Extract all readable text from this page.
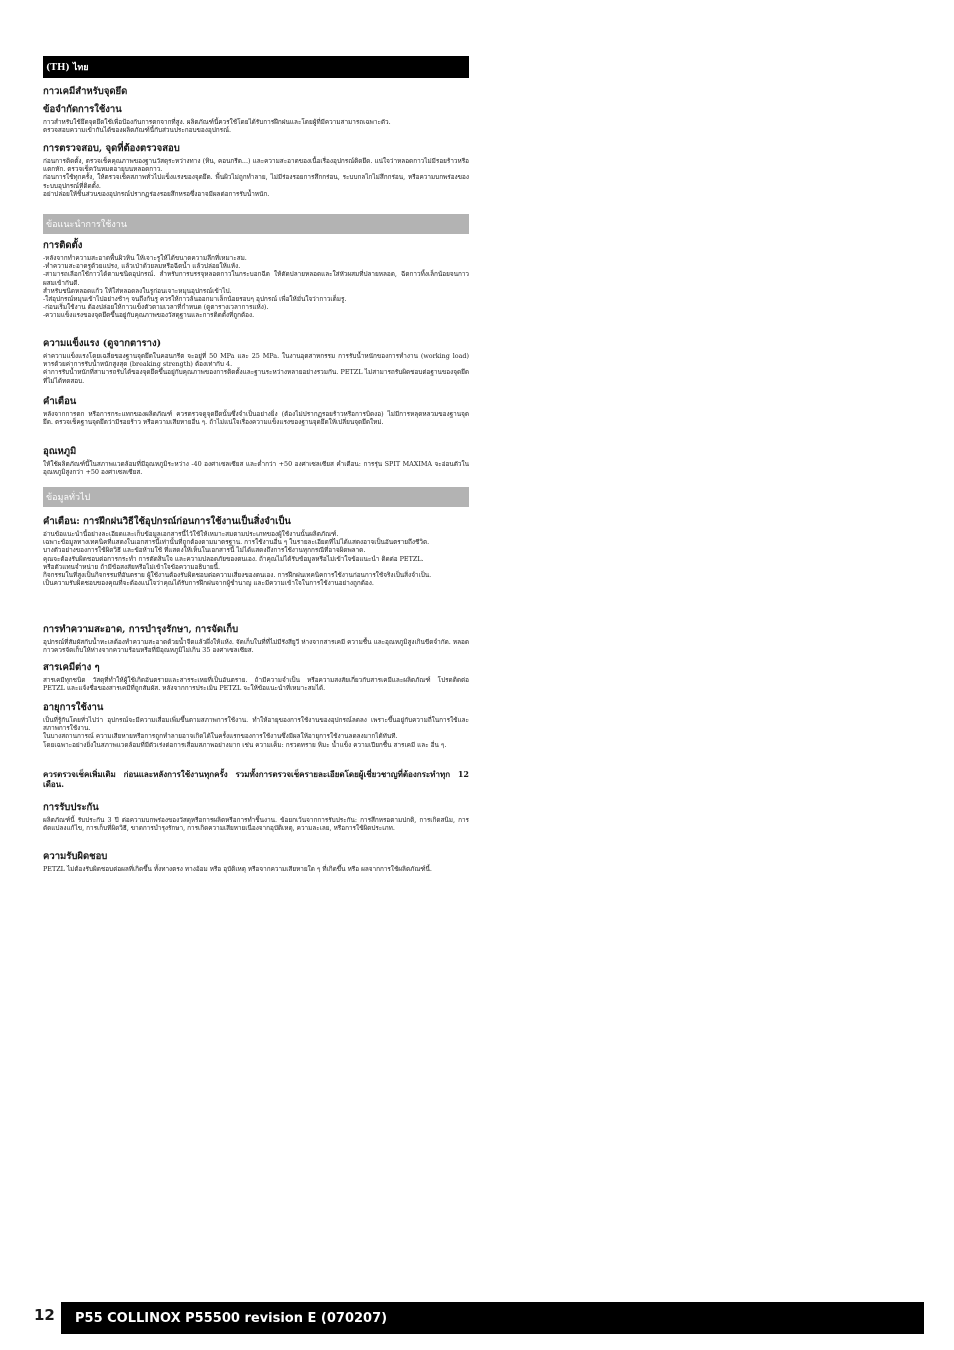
(TH) ไทย
กาวเคมีสำหรับจุดยึด
ข้อจำกัดการใช้งาน

กาวสำหรับใช้ยึดจุดยึดใช้เพื่อป้องกันการตกจากที่สูง. ผลิตภัณฑ์นี้ควรใช้โดยได้รับการฝึกฝนและโดยผู้ที่มีความสามารถเฉพาะตัว.
ตรวจสอบความเข้ากันได้ของผลิตภัณฑ์นี้กับส่วนประกอบของอุปกรณ์.

การตรวจสอบ, จุดที่ต้องตรวจสอบ

ก่อนการติดตั้ง, ตรวจเช็คคุณภาพของฐานวัสดุระหว่างทาง (หิน, คอนกรีต...) และความสะอาดของเนื้อเรื่องอุปกรณ์ติดยึด. แน่ใจว่าหลอดกาวไม่มีรอยร้าวหรือแตกหัก. ตรวจเช็ควันหมดอายุบนหลอดกาว.
ก่อนการใช้ทุกครั้ง, ให้ตรวจเช็คสภาพทั่วไปแข็งแรงของจุดยึด. พื้นผิวไม่ถูกทำลาย, ไม่มีร่องรอยการสึกกร่อน, ระบบกลไกไม่สึกกร่อน, หรือความบกพร่องของระบบอุปกรณ์ที่ติดตั้ง.
อย่าปล่อยให้ชิ้นส่วนของอุปกรณ์ปรากฏร่องรอยสึกหรอซึ่งอาจมีผลต่อการรับน้ำหนัก.

ข้อแนะนำการใช้งาน
การติดตั้ง

-หลังจากทำความสะอาดพื้นผิวหิน ให้เจาะรูให้ได้ขนาดความลึกที่เหมาะสม.
-ทำความสะอาดรูด้วยแปรง, แล้วเป่าด้วยลมหรือฉีดน้ำ แล้วปล่อยให้แห้ง.
-สามารถเลือกใช้กาวได้ตามชนิดอุปกรณ์. สำหรับการบรรจุหลอดกาวในกระบอกฉีด ให้ตัดปลายหลอดและใส่หัวผสมที่ปลายหลอด, ฉีดกาวทิ้งเล็กน้อยจนกาวผสมเข้ากันดี.
สำหรับชนิดหลอดแก้ว ให้ใส่หลอดลงในรูก่อนเจาะหมุนอุปกรณ์เข้าไป.
-ใส่อุปกรณ์หมุนเข้าไปอย่างช้าๆ จนถึงก้นรู ควรให้กาวล้นออกมาเล็กน้อยรอบๆ อุปกรณ์ เพื่อให้มั่นใจว่ากาวเต็มรู.
-ก่อนเริ่มใช้งาน ต้องปล่อยให้กาวแข็งตัวตามเวลาที่กำหนด (ดูตารางเวลาการแห้ง).
-ความแข็งแรงของจุดยึดขึ้นอยู่กับคุณภาพของวัสดุฐานและการติดตั้งที่ถูกต้อง.

ความแข็งแรง (ดูจากตาราง)

ค่าความแข็งแรงโดยเฉลี่ยของฐานจุดยึดในคอนกรีต จะอยู่ที่ 50 MPa และ 25 MPa. ในงานอุตสาหกรรม การรับน้ำหนักของการทำงาน (working load) หารด้วยค่าการรับน้ำหนักสูงสุด (breaking strength) ต้องเท่ากับ 4.
ค่าการรับน้ำหนักที่สามารถรับได้ของจุดยึดขึ้นอยู่กับคุณภาพของการติดตั้งและฐานระหว่างหลายอย่างรวมกัน. PETZL ไม่สามารถรับผิดชอบต่อฐานของจุดยึดที่ไม่ได้ทดสอบ.

คำเตือน

หลังจากการตก หรือการกระแทกของผลิตภัณฑ์ ควรตรวจดูจุดยึดนั้นซึ่งจำเป็นอย่างยิ่ง (ต้องไม่ปรากฏรอยร้าวหรือการบิดงอ) ไม่มีการหลุดหลวมของฐานจุดยึด. ตรวจเช็คฐานจุดยึดว่ามีรอยร้าว หรือความเสียหายอื่น ๆ. ถ้าไม่แน่ใจเรื่องความแข็งแรงของฐานจุดยึดให้เปลี่ยนจุดยึดใหม่.

อุณหภูมิ

ให้ใช้ผลิตภัณฑ์นี้ในสภาพแวดล้อมที่มีอุณหภูมิระหว่าง -40 องศาเซลเซียส และต่ำกว่า +50 องศาเซลเซียส คำเตือน: การรุ่น SPIT MAXIMA จะอ่อนตัวในอุณหภูมิสูงกว่า +50 องศาเซลเซียส.

ข้อมูลทั่วไป
คำเตือน: การฝึกฝนวิธีใช้อุปกรณ์ก่อนการใช้งานเป็นสิ่งจำเป็น

อ่านข้อแนะนำนี้อย่างละเอียดและเก็บข้อมูลเอกสารนี้ไว้ใช้ให้เหมาะสมตามประเภทของผู้ใช้งานนั้นผลิตภัณฑ์.
เฉพาะข้อมูลทางเทคนิคที่แสดงในเอกสารนี้เท่านั้นที่ถูกต้องตามมาตรฐาน. การใช้งานอื่น ๆ ในรายละเอียดที่ไม่ได้แสดงอาจเป็นอันตรายถึงชีวิต.
บางตัวอย่างของการใช้ผิดวิธี และข้อห้ามใช้ ที่แสดงให้เห็นในเอกสารนี้ ไม่ได้แสดงถึงการใช้งานทุกกรณีที่อาจผิดพลาด.
คุณจะต้องรับผิดชอบต่อการกระทำ การตัดสินใจ และความปลอดภัยของตนเอง. ถ้าคุณไม่ได้รับข้อมูลหรือไม่เข้าใจข้อแนะนำ ติดต่อ PETZL.
หรือตัวแทนจำหน่าย ถ้ามีข้อสงสัยหรือไม่เข้าใจข้อความอธิบายนี้.
กิจกรรมในที่สูงเป็นกิจกรรมที่อันตราย ผู้ใช้งานต้องรับผิดชอบต่อความเสี่ยงของตนเอง. การฝึกฝนเทคนิคการใช้งานก่อนการใช้จริงเป็นสิ่งจำเป็น.
เป็นความรับผิดชอบของคุณที่จะต้องแน่ใจว่าคุณได้รับการฝึกฝนจากผู้ชำนาญ และมีความเข้าใจในการใช้งานอย่างถูกต้อง.

การทำความสะอาด, การบำรุงรักษา, การจัดเก็บ

อุปกรณ์ที่สัมผัสกับน้ำทะเลต้องทำความสะอาดด้วยน้ำจืดแล้วผึ่งให้แห้ง. จัดเก็บในที่ที่ไม่มีรังสียูวี ห่างจากสารเคมี ความชื้น และอุณหภูมิสูงเกินขีดจำกัด. หลอดกาวควรจัดเก็บให้ห่างจากความร้อนหรือที่มีอุณหภูมิไม่เกิน 35 องศาเซลเซียส.

สารเคมีต่าง ๆ

สารเคมีทุกชนิด วัสดุที่ทำให้ผู้ใช้เกิดอันตรายและสารระเหยที่เป็นอันตราย. ถ้ามีความจำเป็น หรือความสงสัยเกี่ยวกับสารเคมีและผลิตภัณฑ์ โปรดติดต่อ PETZL และแจ้งชื่อของสารเคมีที่ถูกสัมผัส. หลังจากการประเมิน PETZL จะให้ข้อแนะนำที่เหมาะสมได้.

อายุการใช้งาน

เป็นที่รู้กันโดยทั่วไปว่า อุปกรณ์จะมีความเสื่อมเพิ่มขึ้นตามสภาพการใช้งาน. ทำให้อายุของการใช้งานของอุปกรณ์ลดลง เพราะขึ้นอยู่กับความถี่ในการใช้และสภาพการใช้งาน.
ในบางสถานการณ์ ความเสียหายหรือการถูกทำลายอาจเกิดได้ในครั้งแรกของการใช้งานซึ่งมีผลให้อายุการใช้งานลดลงมากได้ทันที.
โดยเฉพาะอย่างยิ่งในสภาพแวดล้อมที่มีตัวเร่งต่อการเสื่อมสภาพอย่างมาก เช่น ความเค็ม: กรวดทราย หิมะ น้ำแข็ง ความเปียกชื้น สารเคมี และ อื่น ๆ.

ควรตรวจเช็คเพิ่มเติม ก่อนและหลังการใช้งานทุกครั้ง รวมทั้งการตรวจเช็ครายละเอียดโดยผู้เชี่ยวชาญที่ต้องกระทำทุก 12 เดือน.

การรับประกัน

ผลิตภัณฑ์นี้ รับประกัน 3 ปี ต่อความบกพร่องของวัสดุหรือการผลิตหรือการทำชิ้นงาน. ข้อยกเว้นจากการรับประกัน: การสึกหรอตามปกติ, การเกิดสนิม, การดัดแปลงแก้ไข, การเก็บที่ผิดวิธี, ขาดการบำรุงรักษา, การเกิดความเสียหายเนื่องจากอุบัติเหตุ, ความละเลย, หรือการใช้ผิดประเภท.

ความรับผิดชอบ

PETZL ไม่ต้องรับผิดชอบต่อผลที่เกิดขึ้น ทั้งทางตรง ทางอ้อม หรือ อุบัติเหตุ หรือจากความเสียหายใด ๆ ที่เกิดขึ้น หรือ ผลจากการใช้ผลิตภัณฑ์นี้.

12 P55 COLLINOX P55500 revision E (070207)
